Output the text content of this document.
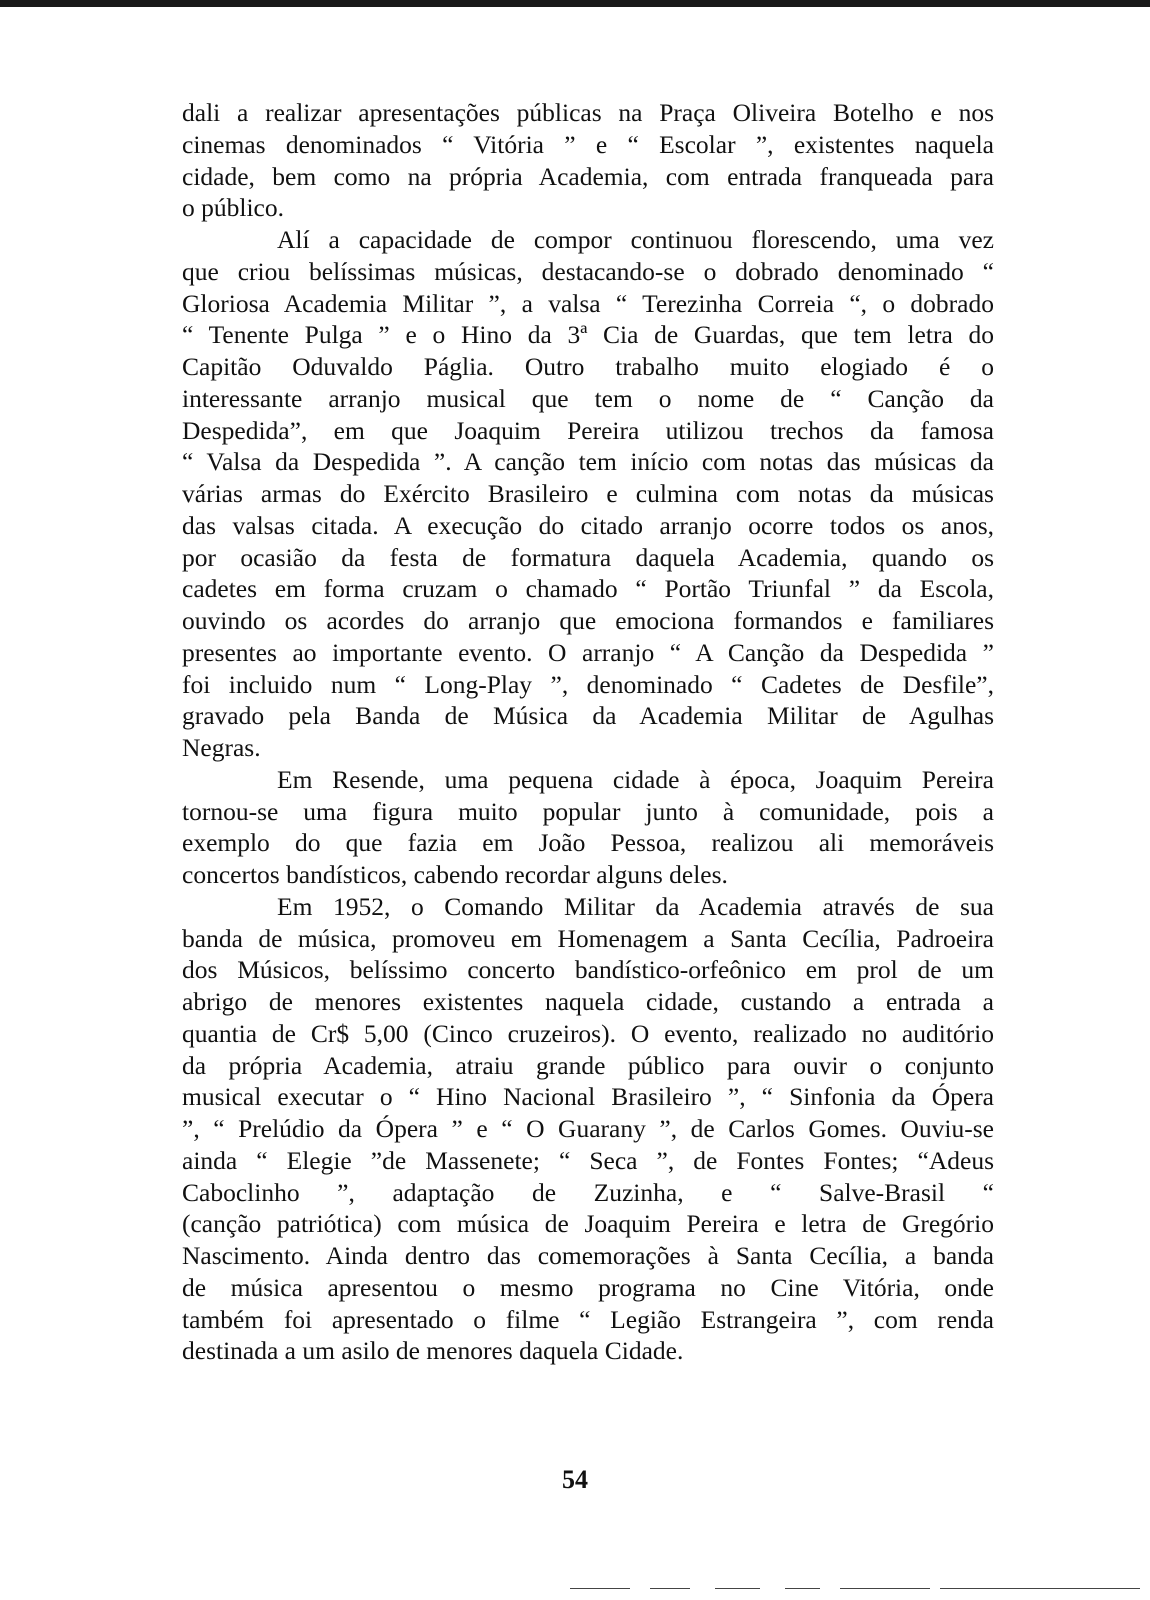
dali a realizar apresentações públicas na Praça Oliveira Botelho e nos
cinemas denominados “ Vitória ” e “ Escolar ”, existentes naquela
cidade, bem como na própria Academia, com entrada franqueada para
o público.
Alí a capacidade de compor continuou florescendo, uma vez
que criou belíssimas músicas, destacando-se o dobrado denominado “
Gloriosa Academia Militar ”, a valsa “ Terezinha Correia “, o dobrado
“ Tenente Pulga ” e o Hino da 3ª Cia de Guardas, que tem letra do
Capitão Oduvaldo Páglia. Outro trabalho muito elogiado é o
interessante arranjo musical que tem o nome de “ Canção da
Despedida”, em que Joaquim Pereira utilizou trechos da famosa
“ Valsa da Despedida ”. A canção tem início com notas das músicas da
várias armas do Exército Brasileiro e culmina com notas da músicas
das valsas citada. A execução do citado arranjo ocorre todos os anos,
por ocasião da festa de formatura daquela Academia, quando os
cadetes em forma cruzam o chamado “ Portão Triunfal ” da Escola,
ouvindo os acordes do arranjo que emociona formandos e familiares
presentes ao importante evento. O arranjo “ A Canção da Despedida ”
foi incluido num “ Long-Play ”, denominado “ Cadetes de Desfile”,
gravado pela Banda de Música da Academia Militar de Agulhas
Negras.
Em Resende, uma pequena cidade à época, Joaquim Pereira
tornou-se uma figura muito popular junto à comunidade, pois a
exemplo do que fazia em João Pessoa, realizou ali memoráveis
concertos bandísticos, cabendo recordar alguns deles.
Em 1952, o Comando Militar da Academia através de sua
banda de música, promoveu em Homenagem a Santa Cecília, Padroeira
dos Músicos, belíssimo concerto bandístico-orfeônico em prol de um
abrigo de menores existentes naquela cidade, custando a entrada a
quantia de Cr$ 5,00 (Cinco cruzeiros). O evento, realizado no auditório
da própria Academia, atraiu grande público para ouvir o conjunto
musical executar o “ Hino Nacional Brasileiro ”, “ Sinfonia da Ópera
”, “ Prelúdio da Ópera ” e “ O Guarany ”, de Carlos Gomes. Ouviu-se
ainda “ Elegie ”de Massenete; “ Seca ”, de Fontes Fontes; “Adeus
Caboclinho ”, adaptação de Zuzinha, e “ Salve-Brasil “
(canção patriótica) com música de Joaquim Pereira e letra de Gregório
Nascimento. Ainda dentro das comemorações à Santa Cecília, a banda
de música apresentou o mesmo programa no Cine Vitória, onde
também foi apresentado o filme “ Legião Estrangeira ”, com renda
destinada a um asilo de menores daquela Cidade.
54
